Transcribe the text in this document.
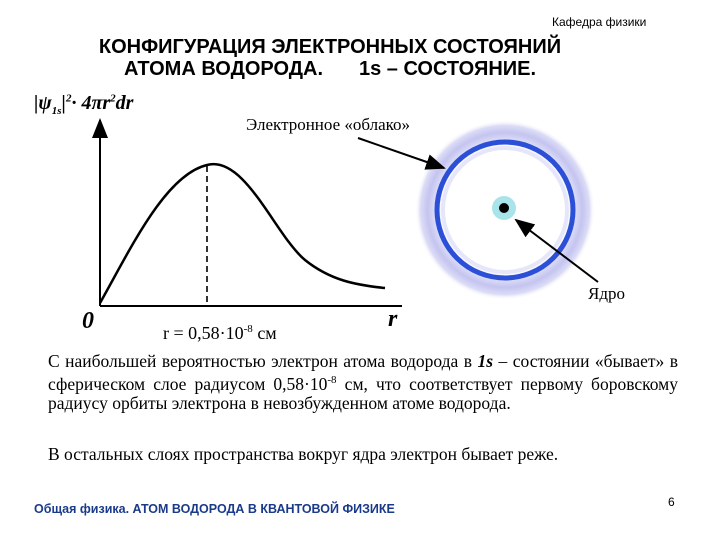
Кафедра физики
КОНФИГУРАЦИЯ ЭЛЕКТРОННЫХ СОСТОЯНИЙ
АТОМА ВОДОРОДА. 1s – СОСТОЯНИЕ.
$|\psi_{1s}|^2\cdot 4\pi r^2dr$
0	r
Электронное «облако»
Ядро
$r = 0,58\cdot 10^{-8}$ см
С наибольшей вероятностью электрон атома водорода в 1s – состоянии «бывает» в сферическом слое радиусом $0,58\cdot 10^{-8}$ см, что соответствует первому боровскому радиусу орбиты электрона в невозбужденном атоме водорода.
В остальных слоях пространства вокруг ядра электрон бывает реже.
Общая физика. АТОМ ВОДОРОДА В КВАНТОВОЙ ФИЗИКЕ	6
